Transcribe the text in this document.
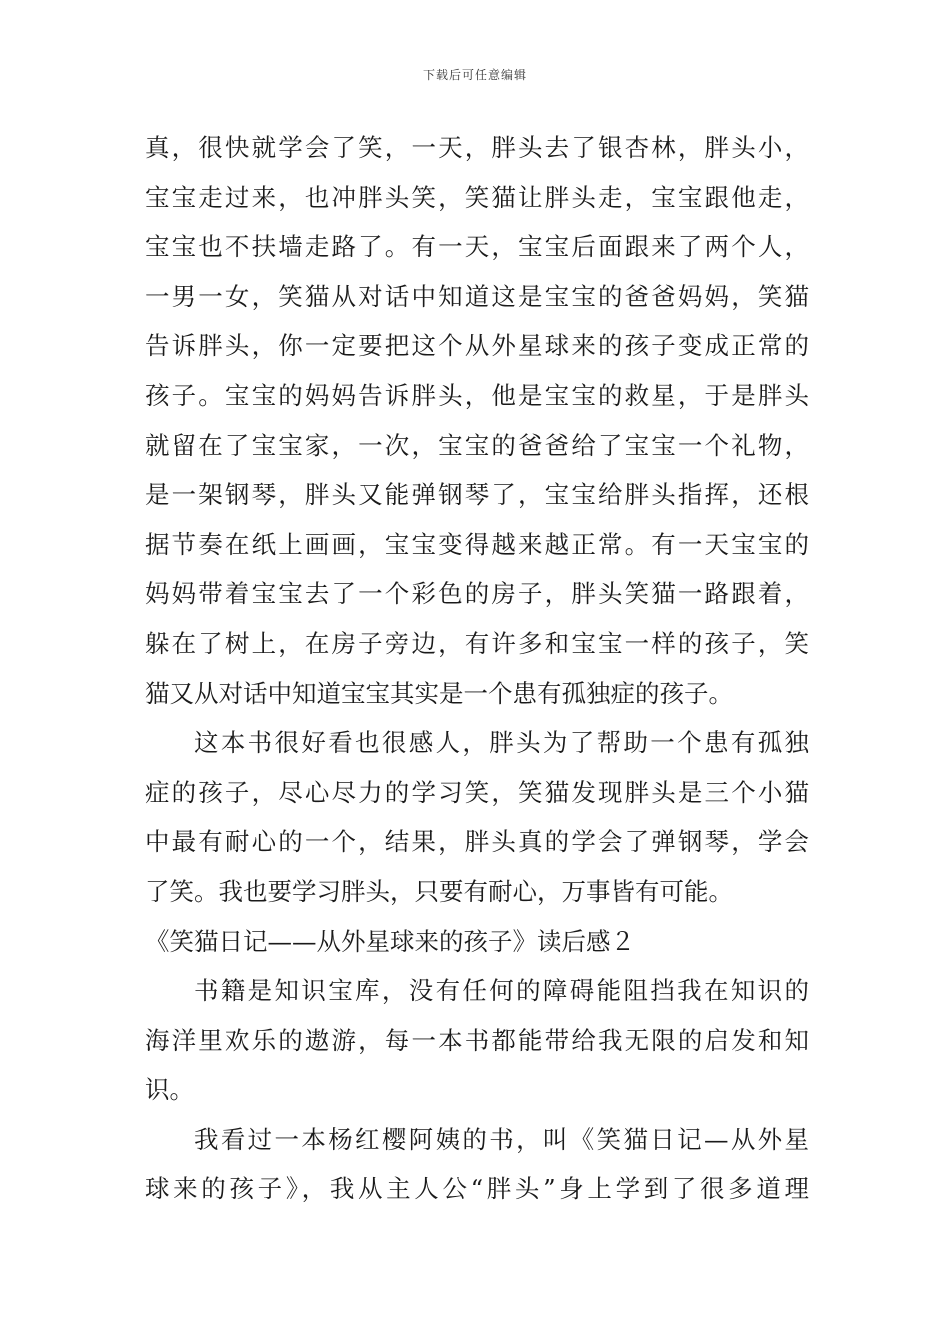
下载后可任意编辑
真，很快就学会了笑，一天，胖头去了银杏林，胖头小，
宝宝走过来，也冲胖头笑，笑猫让胖头走，宝宝跟他走，
宝宝也不扶墙走路了。有一天，宝宝后面跟来了两个人，
一男一女，笑猫从对话中知道这是宝宝的爸爸妈妈，笑猫
告诉胖头，你一定要把这个从外星球来的孩子变成正常的
孩子。宝宝的妈妈告诉胖头，他是宝宝的救星，于是胖头
就留在了宝宝家，一次，宝宝的爸爸给了宝宝一个礼物，
是一架钢琴，胖头又能弹钢琴了，宝宝给胖头指挥，还根
据节奏在纸上画画，宝宝变得越来越正常。有一天宝宝的
妈妈带着宝宝去了一个彩色的房子，胖头笑猫一路跟着，
躲在了树上，在房子旁边，有许多和宝宝一样的孩子，笑
猫又从对话中知道宝宝其实是一个患有孤独症的孩子。
这本书很好看也很感人，胖头为了帮助一个患有孤独
症的孩子，尽心尽力的学习笑，笑猫发现胖头是三个小猫
中最有耐心的一个，结果，胖头真的学会了弹钢琴，学会
了笑。我也要学习胖头，只要有耐心，万事皆有可能。
《笑猫日记——从外星球来的孩子》读后感２
书籍是知识宝库，没有任何的障碍能阻挡我在知识的
海洋里欢乐的遨游，每一本书都能带给我无限的启发和知
识。
我看过一本杨红樱阿姨的书，叫《笑猫日记—从外星
球来的孩子》，我从主人公“胖头”身上学到了很多道理
